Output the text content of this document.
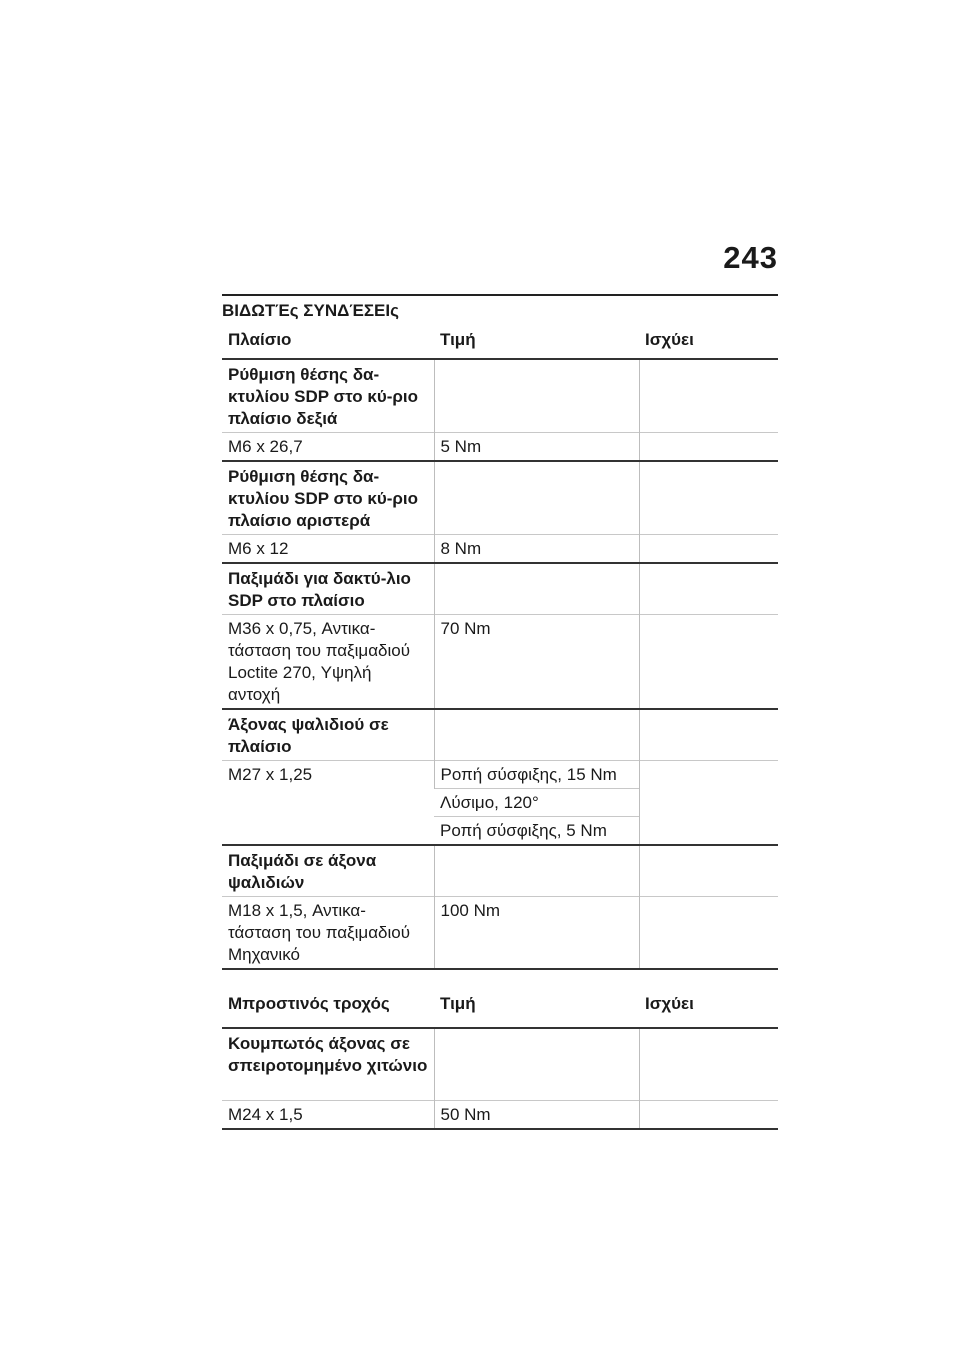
243
ΒΙΔΩΤΈς ΣΥΝΔΈΣΕΙς
Πλαίσιο	Τιμή	Ισχύει
Ρύθμιση θέσης δα-κτυλίου SDP στο κύ-ριο πλαίσιο δεξιά		
M6 x 26,7	5 Nm	
Ρύθμιση θέσης δα-κτυλίου SDP στο κύ-ριο πλαίσιο αριστερά		
M6 x 12	8 Nm	
Παξιμάδι για δακτύ-λιο SDP στο πλαίσιο		
M36 x 0,75, Αντικα-τάσταση του παξιμαδιού Loctite 270, Υψηλή αντοχή	70 Nm	
Άξονας ψαλιδιού σε πλαίσιο		
M27 x 1,25	Ροπή σύσφιξης, 15 Nm	
	Λύσιμο, 120°	
	Ροπή σύσφιξης, 5 Nm	
Παξιμάδι σε άξονα ψαλιδιών		
M18 x 1,5, Αντικα-τάσταση του παξιμαδιού Μηχανικό	100 Nm	
Μπροστινός τροχός	Τιμή	Ισχύει
Κουμπωτός άξονας σε σπειροτομημένο χιτώνιο		
M24 x 1,5	50 Nm	
